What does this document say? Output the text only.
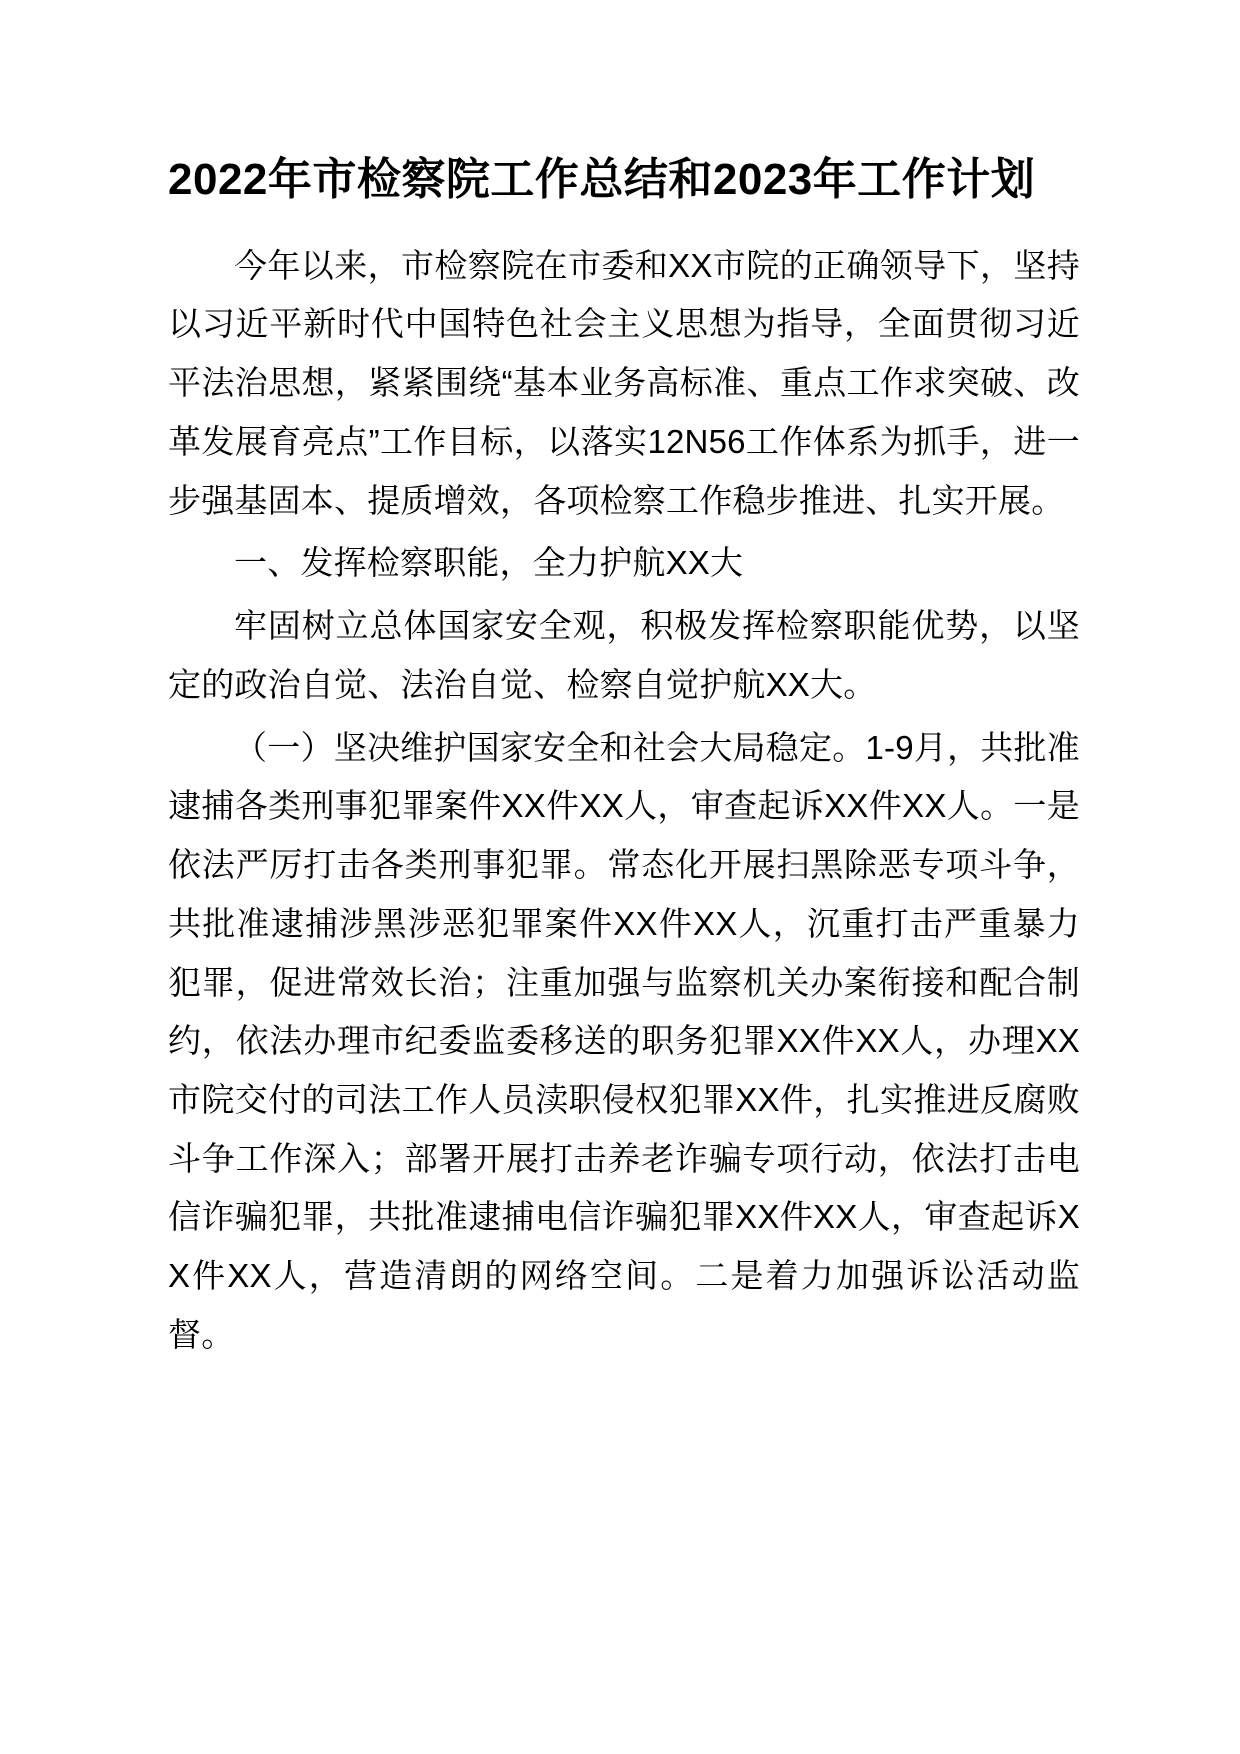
2022年市检察院工作总结和2023年工作计划

今年以来，市检察院在市委和XX市院的正确领导下，坚持以习近平新时代中国特色社会主义思想为指导，全面贯彻习近平法治思想，紧紧围绕“基本业务高标准、重点工作求突破、改革发展育亮点”工作目标，以落实12N56工作体系为抓手，进一步强基固本、提质增效，各项检察工作稳步推进、扎实开展。

一、发挥检察职能，全力护航XX大

牢固树立总体国家安全观，积极发挥检察职能优势，以坚定的政治自觉、法治自觉、检察自觉护航XX大。

（一）坚决维护国家安全和社会大局稳定。1‑9月，共批准逮捕各类刑事犯罪案件XX件XX人，审查起诉XX件XX人。一是依法严厉打击各类刑事犯罪。常态化开展扫黑除恶专项斗争，共批准逮捕涉黑涉恶犯罪案件XX件XX人，沉重打击严重暴力犯罪，促进常效长治；注重加强与监察机关办案衔接和配合制约，依法办理市纪委监委移送的职务犯罪XX件XX人，办理XX市院交付的司法工作人员渎职侵权犯罪XX件，扎实推进反腐败斗争工作深入；部署开展打击养老诈骗专项行动，依法打击电信诈骗犯罪，共批准逮捕电信诈骗犯罪XX件XX人，审查起诉XX件XX人，营造清朗的网络空间。二是着力加强诉讼活动监督。
